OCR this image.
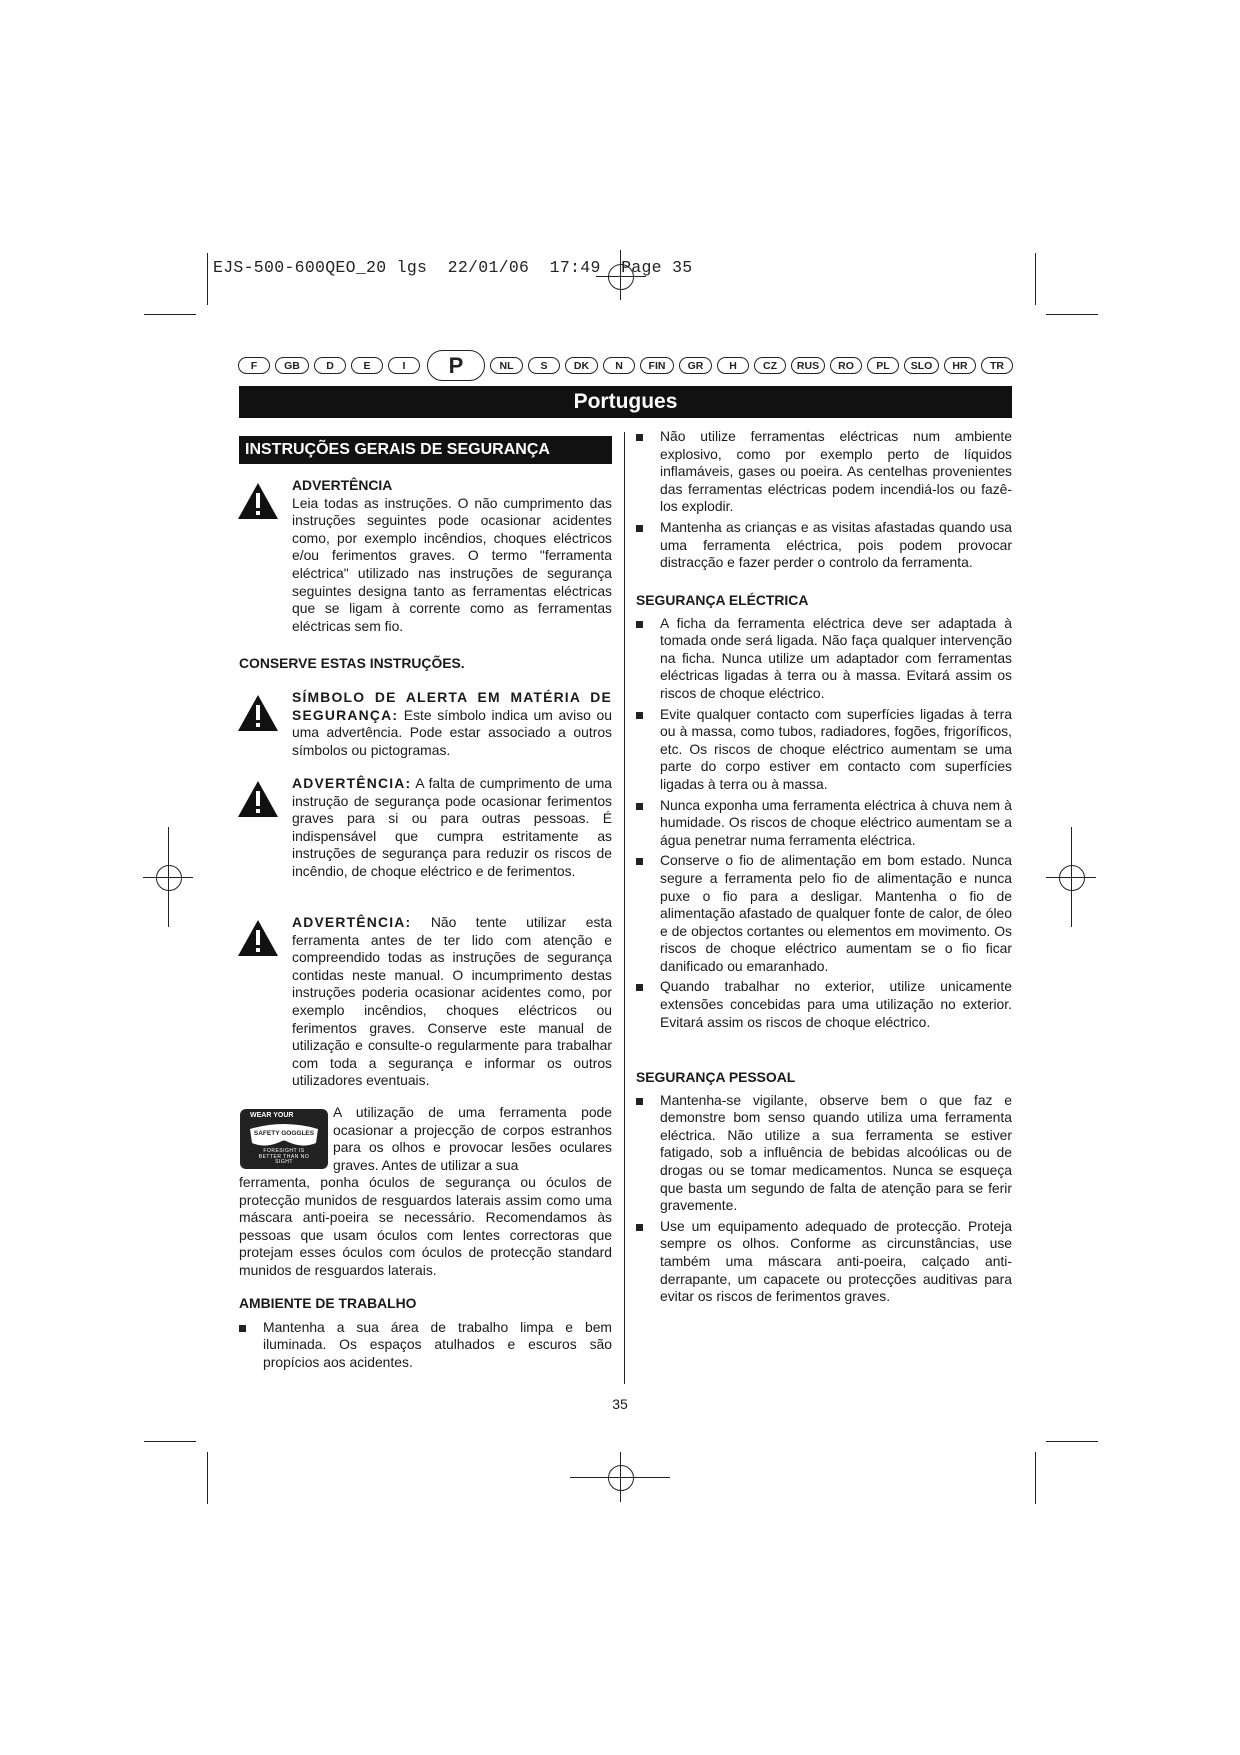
EJS-500-600QEO_20 lgs  22/01/06  17:49  Page 35
F	GB	D	E	I	P	NL	S	DK	N	FIN	GR	H	CZ	RUS	RO	PL	SLO	HR	TR
Portugues
INSTRUÇÕES GERAIS DE SEGURANÇA

ADVERTÊNCIA

Leia todas as instruções. O não cumprimento das instruções seguintes pode ocasionar acidentes como, por exemplo incêndios, choques eléctricos e/ou ferimentos graves. O termo "ferramenta eléctrica" utilizado nas instruções de segurança seguintes designa tanto as ferramentas eléctricas que se ligam à corrente como as ferramentas eléctricas sem fio.

CONSERVE ESTAS INSTRUÇÕES.

SÍMBOLO DE ALERTA EM MATÉRIA DE SEGURANÇA: Este símbolo indica um aviso ou uma advertência. Pode estar associado a outros símbolos ou pictogramas.

ADVERTÊNCIA: A falta de cumprimento de uma instrução de segurança pode ocasionar ferimentos graves para si ou para outras pessoas. É indispensável que cumpra estritamente as instruções de segurança para reduzir os riscos de incêndio, de choque eléctrico e de ferimentos.

ADVERTÊNCIA: Não tente utilizar esta ferramenta antes de ter lido com atenção e compreendido todas as instruções de segurança contidas neste manual. O incumprimento destas instruções poderia ocasionar acidentes como, por exemplo incêndios, choques eléctricos ou ferimentos graves. Conserve este manual de utilização e consulte-o regularmente para trabalhar com toda a segurança e informar os outros utilizadores eventuais.

WEAR YOUR
SAFETY GOGGLES
FORESIGHT IS BETTER THAN NO SIGHT
A utilização de uma ferramenta pode ocasionar a projecção de corpos estranhos para os olhos e provocar lesões oculares graves. Antes de utilizar a sua
ferramenta, ponha óculos de segurança ou óculos de protecção munidos de resguardos laterais assim como uma máscara anti-poeira se necessário. Recomendamos às pessoas que usam óculos com lentes correctoras que protejam esses óculos com óculos de protecção standard munidos de resguardos laterais.

AMBIENTE DE TRABALHO

Mantenha a sua área de trabalho limpa e bem iluminada. Os espaços atulhados e escuros são propícios aos acidentes.
Não utilize ferramentas eléctricas num ambiente explosivo, como por exemplo perto de líquidos inflamáveis, gases ou poeira. As centelhas provenientes das ferramentas eléctricas podem incendiá-los ou fazê-los explodir.
Mantenha as crianças e as visitas afastadas quando usa uma ferramenta eléctrica, pois podem provocar distracção e fazer perder o controlo da ferramenta.

SEGURANÇA ELÉCTRICA

A ficha da ferramenta eléctrica deve ser adaptada à tomada onde será ligada. Não faça qualquer intervenção na ficha. Nunca utilize um adaptador com ferramentas eléctricas ligadas à terra ou à massa. Evitará assim os riscos de choque eléctrico.
Evite qualquer contacto com superfícies ligadas à terra ou à massa, como tubos, radiadores, fogões, frigoríficos, etc. Os riscos de choque eléctrico aumentam se uma parte do corpo estiver em contacto com superfícies ligadas à terra ou à massa.
Nunca exponha uma ferramenta eléctrica à chuva nem à humidade. Os riscos de choque eléctrico aumentam se a água penetrar numa ferramenta eléctrica.
Conserve o fio de alimentação em bom estado. Nunca segure a ferramenta pelo fio de alimentação e nunca puxe o fio para a desligar. Mantenha o fio de alimentação afastado de qualquer fonte de calor, de óleo e de objectos cortantes ou elementos em movimento. Os riscos de choque eléctrico aumentam se o fio ficar danificado ou emaranhado.
Quando trabalhar no exterior, utilize unicamente extensões concebidas para uma utilização no exterior. Evitará assim os riscos de choque eléctrico.

SEGURANÇA PESSOAL

Mantenha-se vigilante, observe bem o que faz e demonstre bom senso quando utiliza uma ferramenta eléctrica. Não utilize a sua ferramenta se estiver fatigado, sob a influência de bebidas alcoólicas ou de drogas ou se tomar medicamentos. Nunca se esqueça que basta um segundo de falta de atenção para se ferir gravemente.
Use um equipamento adequado de protecção. Proteja sempre os olhos. Conforme as circunstâncias, use também uma máscara anti-poeira, calçado anti-derrapante, um capacete ou protecções auditivas para evitar os riscos de ferimentos graves.
35
